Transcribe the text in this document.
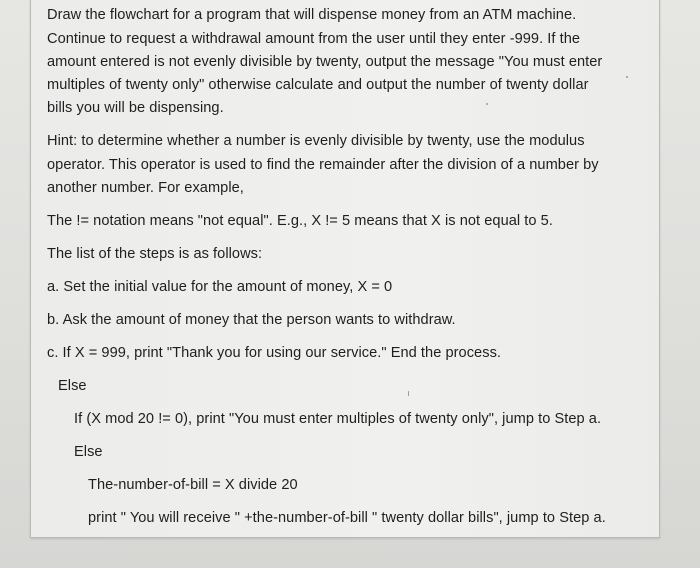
Draw the flowchart for a program that will dispense money from an ATM machine.
Continue to request a withdrawal amount from the user until they enter -999. If the
amount entered is not evenly divisible by twenty, output the message "You must enter
multiples of twenty only" otherwise calculate and output the number of twenty dollar
bills you will be dispensing.
Hint: to determine whether a number is evenly divisible by twenty, use the modulus
operator. This operator is used to find the remainder after the division of a number by
another number. For example,
The != notation means "not equal". E.g., X != 5 means that X is not equal to 5.
The list of the steps is as follows:
a. Set the initial value for the amount of money, X = 0
b. Ask the amount of money that the person wants to withdraw.
c. If X = 999, print "Thank you for using our service." End the process.
Else
If (X mod 20 != 0), print "You must enter multiples of twenty only", jump to Step a.
Else
The-number-of-bill = X divide 20
print " You will receive " +the-number-of-bill " twenty dollar bills", jump to Step a.
